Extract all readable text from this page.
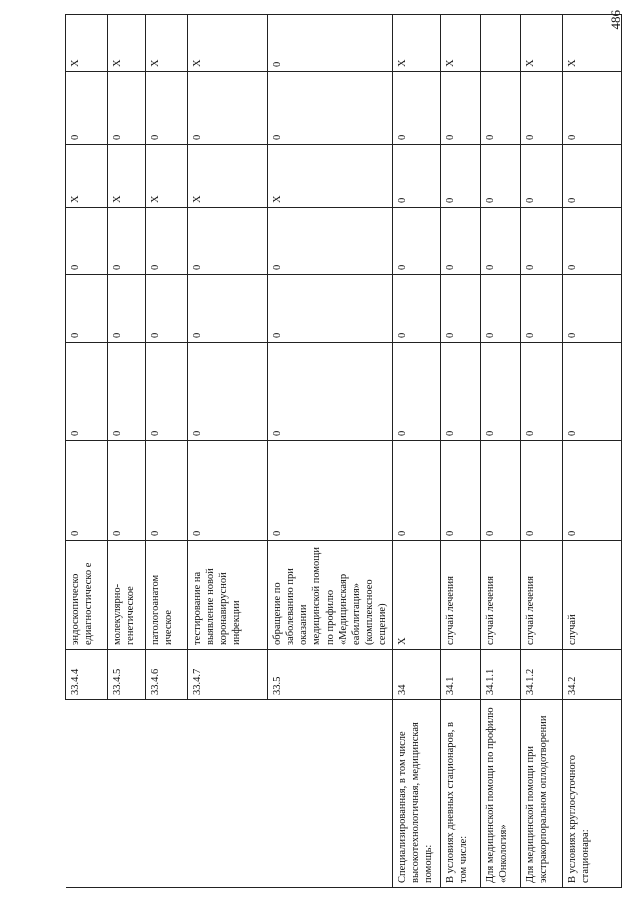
486
	33.4.4	эндоскопическо едиагностическо е	0	0	0	0	X	0	X
	33.4.5	молекулярно-генетическое	0	0	0	0	X	0	X
	33.4.6	патологоанатом ическое	0	0	0	0	X	0	X
	33.4.7	тестирование на выявление новой коронавирусной инфекции	0	0	0	0	X	0	X
	33.5	обращение по заболеванию при оказании медицинской помощи по профилю «Медицинскаяр еабилитация» (комплексноео сещение)	0	0	0	0	X	0	0
Специализированная, в том числе высокотехнологичная, медицинская помощь:	34	X	0	0	0	0	0	0	X
В условиях дневных стационаров, в том числе:	34.1	случай лечения	0	0	0	0	0	0	X
Для медицинской помощи по профилю «Онкология»	34.1.1	случай лечения	0	0	0	0	0	0	
Для медицинской помощи при экстракорпоральном оплодотворении	34.1.2	случай лечения	0	0	0	0	0	0	X
В условиях круглосуточного стационара:	34.2	случай	0	0	0	0	0	0	X
